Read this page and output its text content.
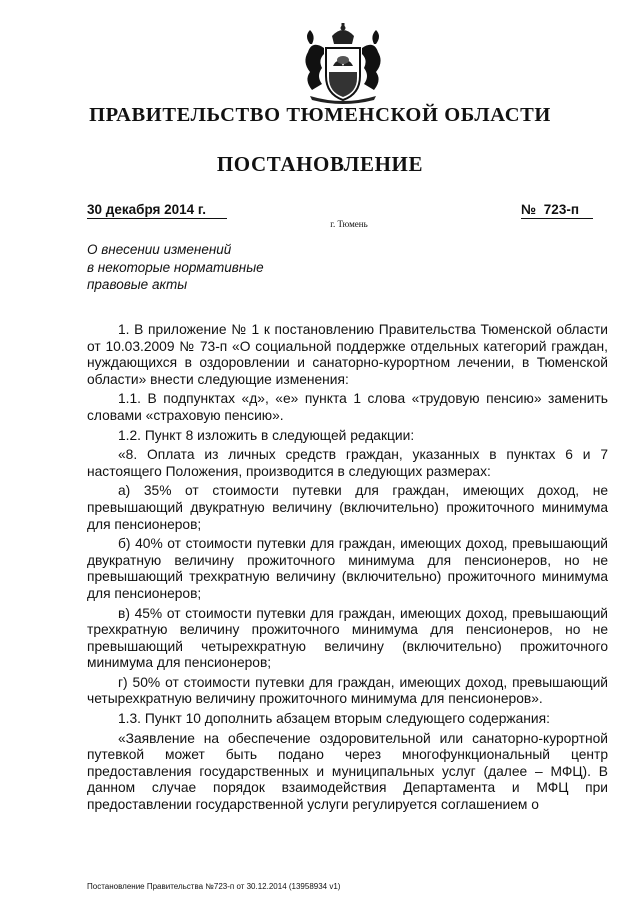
ПРАВИТЕЛЬСТВО ТЮМЕНСКОЙ ОБЛАСТИ
ПОСТАНОВЛЕНИЕ
30 декабря 2014 г.	№ 723-п
г. Тюмень
О внесении изменений
в некоторые нормативные
правовые акты

1. В приложение № 1 к постановлению Правительства Тюменской области от 10.03.2009 № 73-п «О социальной поддержке отдельных категорий граждан, нуждающихся в оздоровлении и санаторно-курортном лечении, в Тюменской области» внести следующие изменения:

1.1. В подпунктах «д», «е» пункта 1 слова «трудовую пенсию» заменить словами «страховую пенсию».

1.2. Пункт 8 изложить в следующей редакции:

«8. Оплата из личных средств граждан, указанных в пунктах 6 и 7 настоящего Положения, производится в следующих размерах:

а) 35% от стоимости путевки для граждан, имеющих доход, не превышающий двукратную величину (включительно) прожиточного минимума для пенсионеров;

б) 40% от стоимости путевки для граждан, имеющих доход, превышающий двукратную величину прожиточного минимума для пенсионеров, но не превышающий трехкратную величину (включительно) прожиточного минимума для пенсионеров;

в) 45% от стоимости путевки для граждан, имеющих доход, превышающий трехкратную величину прожиточного минимума для пенсионеров, но не превышающий четырехкратную величину (включительно) прожиточного минимума для пенсионеров;

г) 50% от стоимости путевки для граждан, имеющих доход, превышающий четырехкратную величину прожиточного минимума для пенсионеров».

1.3. Пункт 10 дополнить абзацем вторым следующего содержания:

«Заявление на обеспечение оздоровительной или санаторно-курортной путевкой может быть подано через многофункциональный центр предоставления государственных и муниципальных услуг (далее – МФЦ). В данном случае порядок взаимодействия Департамента и МФЦ при предоставлении государственной услуги регулируется соглашением о

Постановление Правительства №723-п от 30.12.2014 (13958934 v1)
